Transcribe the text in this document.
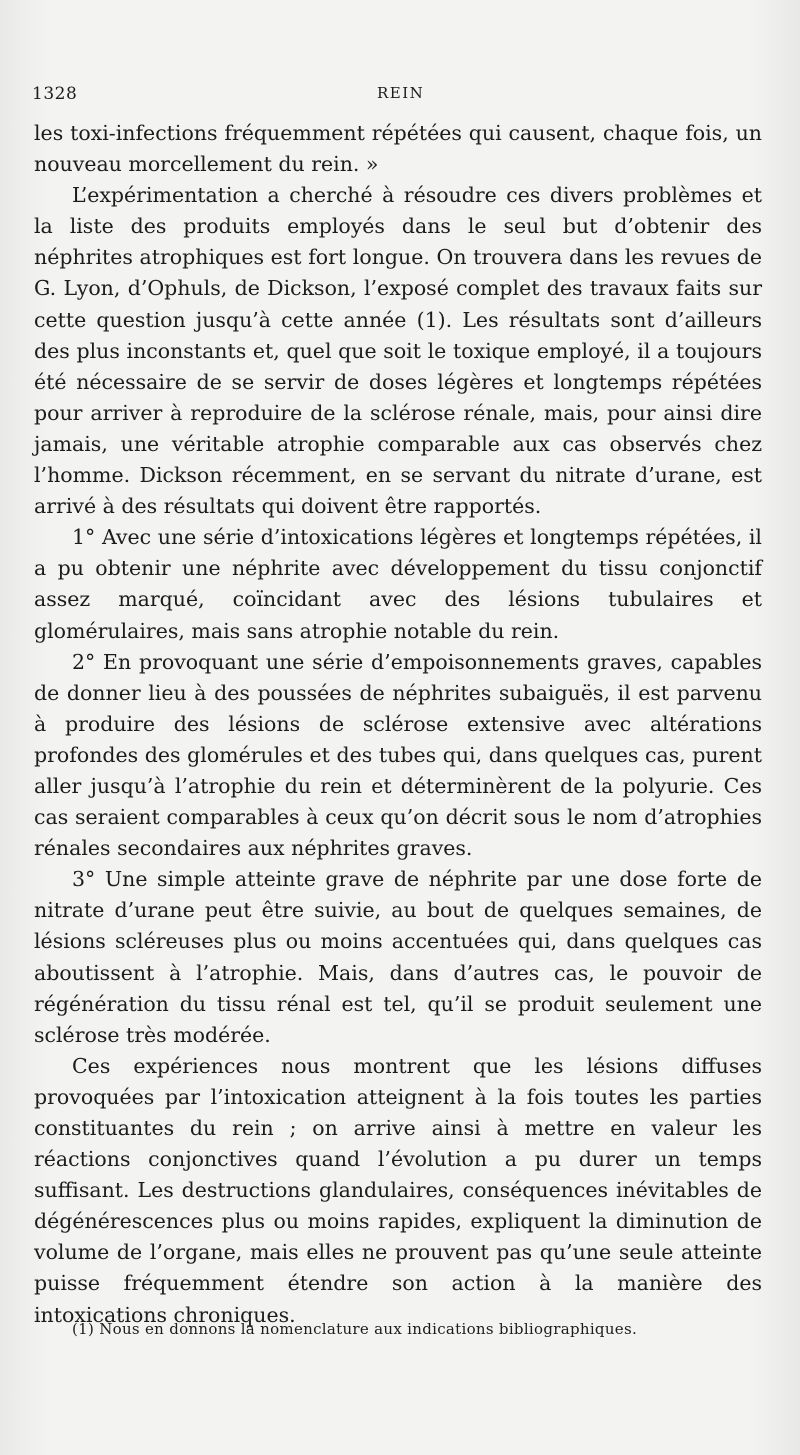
1328	REIN

les toxi-infections fréquemment répétées qui causent, chaque fois, un nouveau morcellement du rein. »

L’expérimentation a cherché à résoudre ces divers problèmes et la liste des produits employés dans le seul but d’obtenir des néphrites atrophiques est fort longue. On trouvera dans les revues de G. Lyon, d’Ophuls, de Dickson, l’exposé complet des travaux faits sur cette question jusqu’à cette année (1). Les résultats sont d’ailleurs des plus inconstants et, quel que soit le toxique employé, il a toujours été nécessaire de se servir de doses légères et longtemps répétées pour arriver à reproduire de la sclérose rénale, mais, pour ainsi dire jamais, une véritable atrophie comparable aux cas observés chez l’homme. Dickson récemment, en se servant du nitrate d’urane, est arrivé à des résultats qui doivent être rapportés.

1° Avec une série d’intoxications légères et longtemps répétées, il a pu obtenir une néphrite avec développement du tissu conjonctif assez marqué, coïncidant avec des lésions tubulaires et glomérulaires, mais sans atrophie notable du rein.

2° En provoquant une série d’empoisonnements graves, capables de donner lieu à des poussées de néphrites subaiguës, il est parvenu à produire des lésions de sclérose extensive avec altérations profondes des glomérules et des tubes qui, dans quelques cas, purent aller jusqu’à l’atrophie du rein et déterminèrent de la polyurie. Ces cas seraient comparables à ceux qu’on décrit sous le nom d’atrophies rénales secondaires aux néphrites graves.

3° Une simple atteinte grave de néphrite par une dose forte de nitrate d’urane peut être suivie, au bout de quelques semaines, de lésions scléreuses plus ou moins accentuées qui, dans quelques cas aboutissent à l’atrophie. Mais, dans d’autres cas, le pouvoir de régénération du tissu rénal est tel, qu’il se produit seulement une sclérose très modérée.

Ces expériences nous montrent que les lésions diffuses provoquées par l’intoxication atteignent à la fois toutes les parties constituantes du rein ; on arrive ainsi à mettre en valeur les réactions conjonctives quand l’évolution a pu durer un temps suffisant. Les destructions glandulaires, conséquences inévitables de dégénérescences plus ou moins rapides, expliquent la diminution de volume de l’organe, mais elles ne prouvent pas qu’une seule atteinte puisse fréquemment étendre son action à la manière des intoxications chroniques.

(1) Nous en donnons la nomenclature aux indications bibliographiques.
